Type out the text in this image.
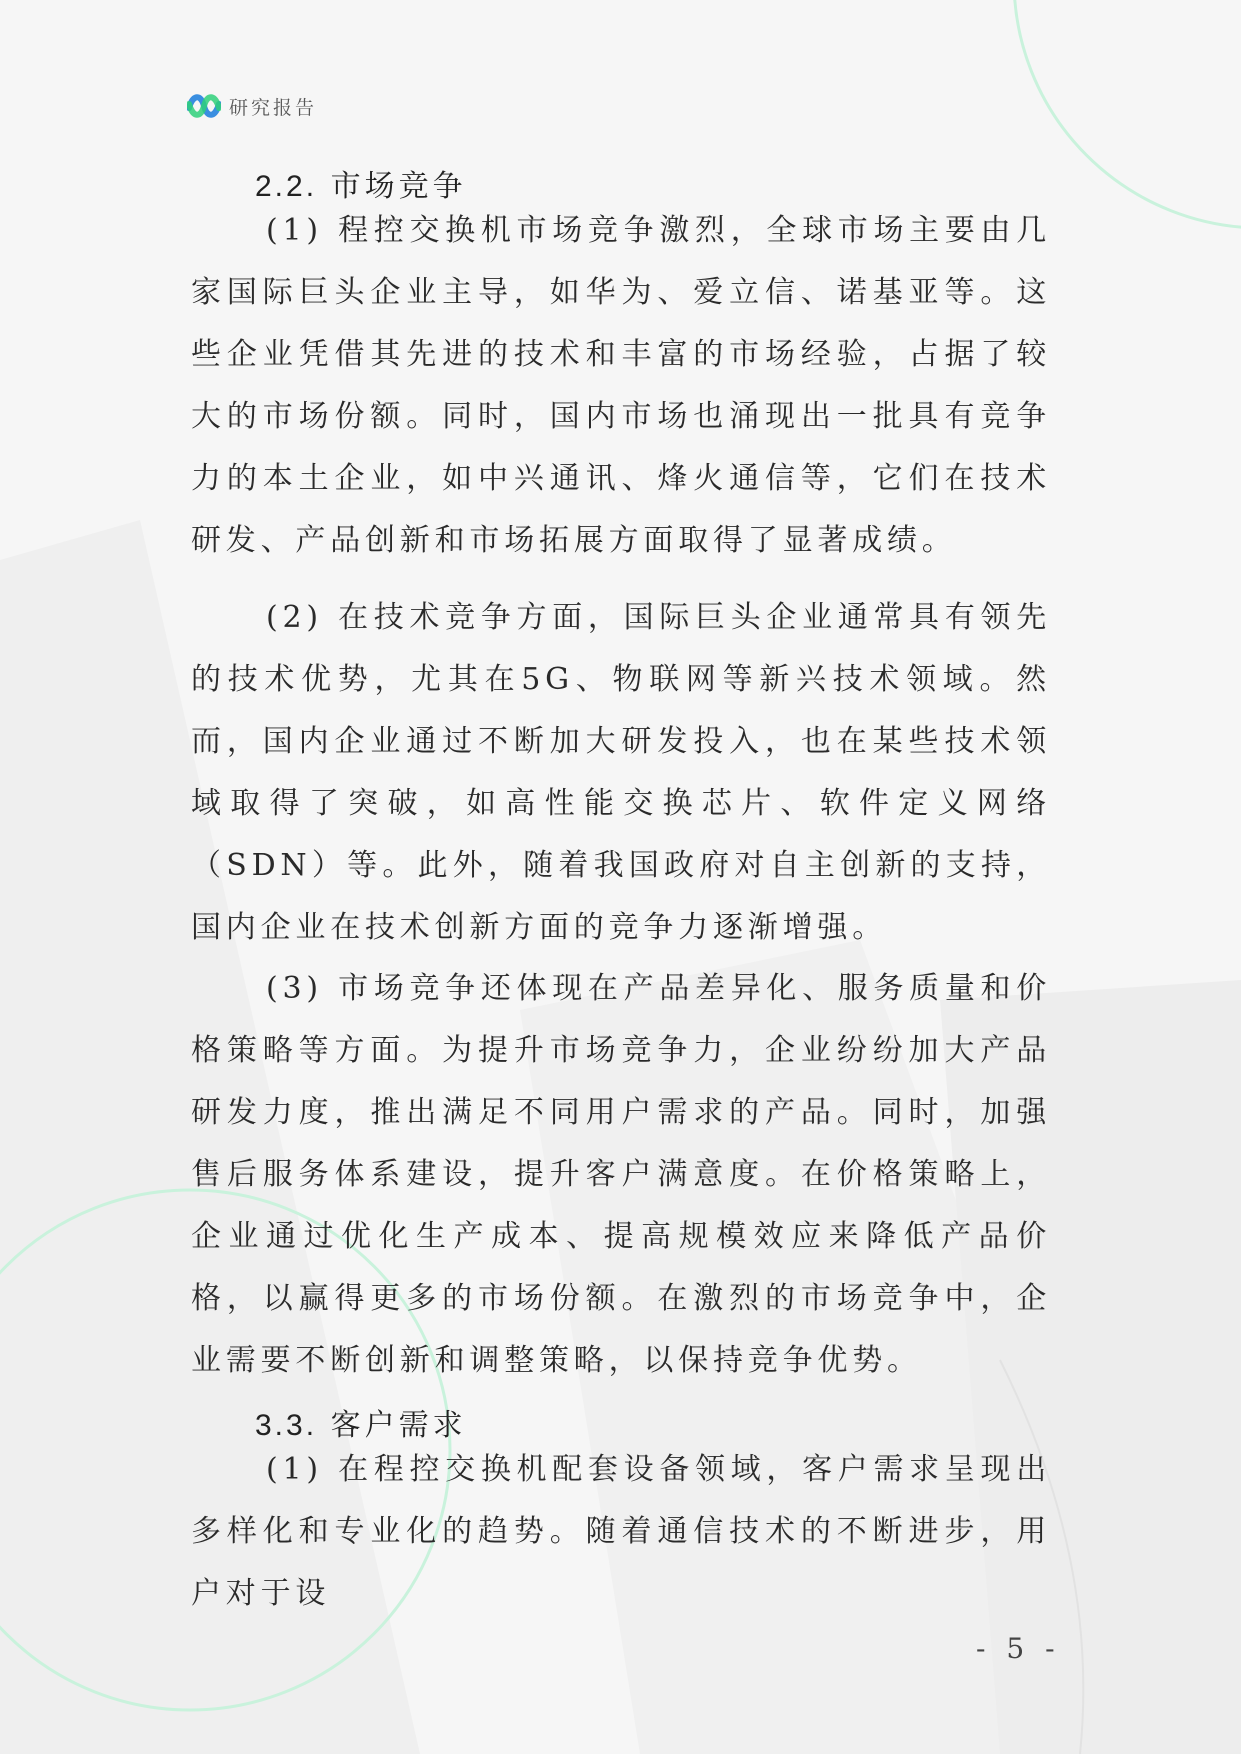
研究报告
2.2. 市场竞争

(1) 程控交换机市场竞争激烈，全球市场主要由几家国际巨头企业主导，如华为、爱立信、诺基亚等。这些企业凭借其先进的技术和丰富的市场经验，占据了较大的市场份额。同时，国内市场也涌现出一批具有竞争力的本土企业，如中兴通讯、烽火通信等，它们在技术研发、产品创新和市场拓展方面取得了显著成绩。

(2) 在技术竞争方面，国际巨头企业通常具有领先的技术优势，尤其在5G、物联网等新兴技术领域。然而，国内企业通过不断加大研发投入，也在某些技术领域取得了突破，如高性能交换芯片、软件定义网络（SDN）等。此外，随着我国政府对自主创新的支持，国内企业在技术创新方面的竞争力逐渐增强。

(3) 市场竞争还体现在产品差异化、服务质量和价格策略等方面。为提升市场竞争力，企业纷纷加大产品研发力度，推出满足不同用户需求的产品。同时，加强售后服务体系建设，提升客户满意度。在价格策略上，企业通过优化生产成本、提高规模效应来降低产品价格，以赢得更多的市场份额。在激烈的市场竞争中，企业需要不断创新和调整策略，以保持竞争优势。

3.3. 客户需求

(1) 在程控交换机配套设备领域，客户需求呈现出多样化和专业化的趋势。随着通信技术的不断进步，用户对于设

- 5 -
